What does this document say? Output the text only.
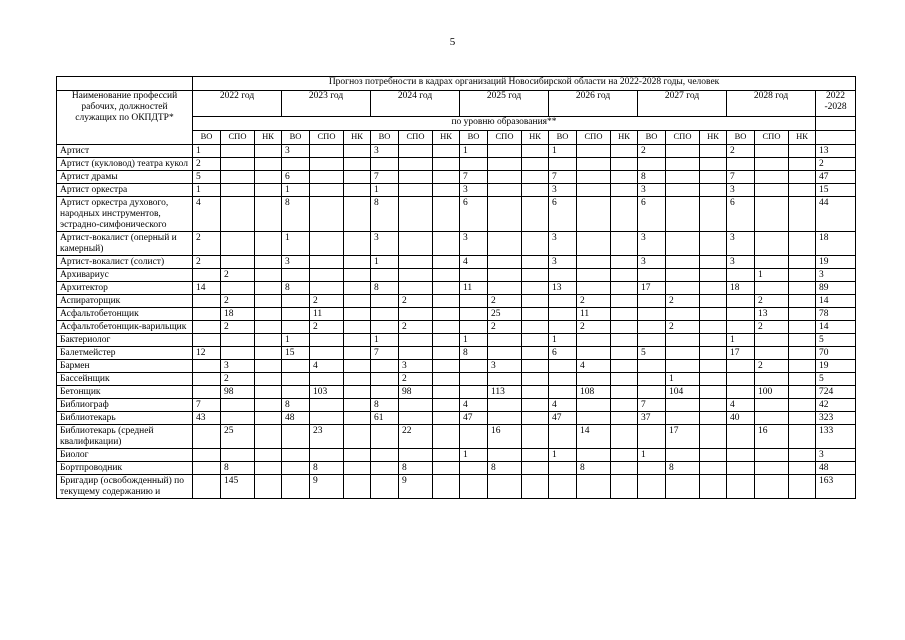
5
	Прогноз потребности в кадрах организаций Новосибирской области на 2022-2028 годы, человек																					
Наименование профессий рабочих, должностей служащих по ОКПДТР*	2022 год			2023 год			2024 год			2025 год			2026 год			2027 год			2028 год			2022 -2028
	по уровню образования**																					
	ВО	СПО	НК	ВО	СПО	НК	ВО	СПО	НК	ВО	СПО	НК	ВО	СПО	НК	ВО	СПО	НК	ВО	СПО	НК	
Артист	1			3			3			1			1			2			2			13
Артист (кукловод) театра кукол	2																					2
Артист драмы	5			6			7			7			7			8			7			47
Артист оркестра	1			1			1			3			3			3			3			15
Артист оркестра духового, народных инструментов, эстрадно-симфонического	4			8			8			6			6			6			6			44
Артист-вокалист (оперный и камерный)	2			1			3			3			3			3			3			18
Артист-вокалист (солист)	2			3			1			4			3			3			3			19
Архивариус		2																		1		3
Архитектор	14			8			8			11			13			17			18			89
Аспираторщик		2			2			2			2			2			2			2		14
Асфальтобетонщик		18			11						25			11						13		78
Асфальтобетонщик-варильщик		2			2			2			2			2			2			2		14
Бактериолог				1			1			1			1						1			5
Балетмейстер	12			15			7			8			6			5			17			70
Бармен		3			4			3			3			4						2		19
Бассейнщик		2						2									1					5
Бетонщик		98			103			98			113			108			104			100		724
Библиограф	7			8			8			4			4			7			4			42
Библиотекарь	43			48			61			47			47			37			40			323
Библиотекарь (средней квалификации)		25			23			22			16			14			17			16		133
Биолог										1			1			1						3
Бортпроводник		8			8			8			8			8			8					48
Бригадир (освобожденный) по текущему содержанию и		145			9			9														163
